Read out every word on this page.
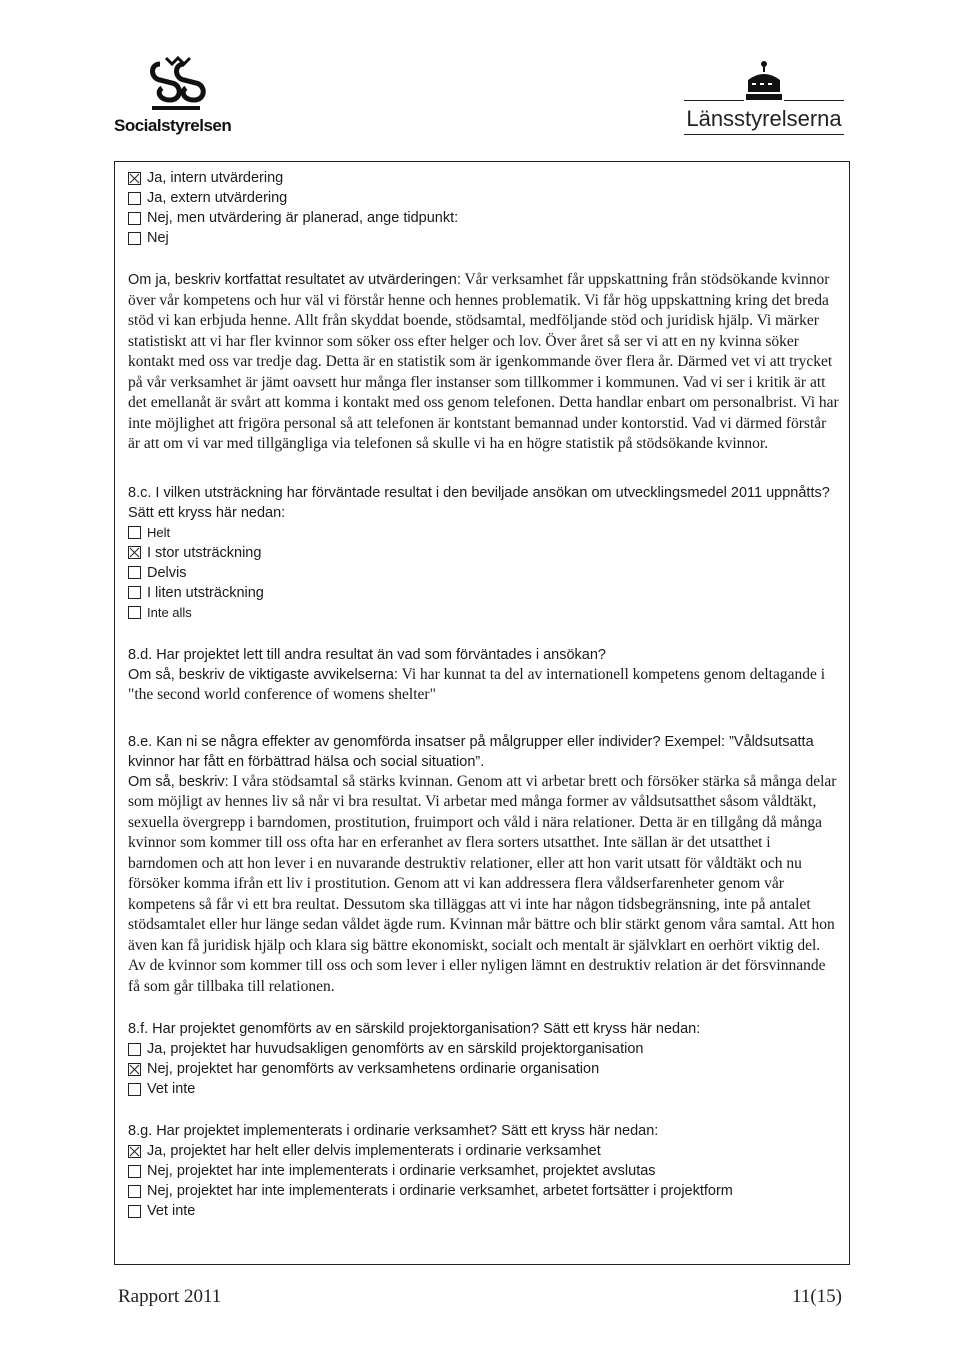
Socialstyrelsen	Länsstyrelserna
Ja, intern utvärdering
Ja, extern utvärdering
Nej, men utvärdering är planerad, ange tidpunkt:
Nej
Om ja, beskriv kortfattat resultatet av utvärderingen: Vår verksamhet får uppskattning från stödsökande kvinnor över vår kompetens och hur väl vi förstår henne och hennes problematik. Vi får hög uppskattning kring det breda stöd vi kan erbjuda henne. Allt från skyddat boende, stödsamtal, medföljande stöd och juridisk hjälp. Vi märker statistiskt att vi har fler kvinnor som söker oss efter helger och lov. Över året så ser vi att en ny kvinna söker kontakt med oss var tredje dag. Detta är en statistik som är igenkommande över flera år. Därmed vet vi att trycket på vår verksamhet är jämt oavsett hur många fler instanser som tillkommer i kommunen. Vad vi ser i kritik är att det emellanåt är svårt att komma i kontakt med oss genom telefonen. Detta handlar enbart om personalbrist. Vi har inte möjlighet att frigöra personal så att telefonen är kontstant bemannad under kontorstid. Vad vi därmed förstår är att om vi var med tillgängliga via telefonen så skulle vi ha en högre statistik på stödsökande kvinnor.
8.c. I vilken utsträckning har förväntade resultat i den beviljade ansökan om utvecklingsmedel 2011 uppnåtts? Sätt ett kryss här nedan:
Helt
I stor utsträckning
Delvis
I liten utsträckning
Inte alls
8.d. Har projektet lett till andra resultat än vad som förväntades i ansökan?
Om så, beskriv de viktigaste avvikelserna: Vi har kunnat ta del av internationell kompetens genom deltagande i "the second world conference of womens shelter"
8.e. Kan ni se några effekter av genomförda insatser på målgrupper eller individer? Exempel: ”Våldsutsatta kvinnor har fått en förbättrad hälsa och social situation”.
Om så, beskriv: I våra stödsamtal så stärks kvinnan. Genom att vi arbetar brett och försöker stärka så många delar som möjligt av hennes liv så når vi bra resultat. Vi arbetar med många former av våldsutsatthet såsom våldtäkt, sexuella övergrepp i barndomen, prostitution, fruimport och våld i nära relationer. Detta är en tillgång då många kvinnor som kommer till oss ofta har en erferanhet av flera sorters utsatthet. Inte sällan är det utsatthet i barndomen och att hon lever i en nuvarande destruktiv relationer, eller att hon varit utsatt för våldtäkt och nu försöker komma ifrån ett liv i prostitution. Genom att vi kan addressera flera våldserfarenheter genom vår kompetens så får vi ett bra reultat. Dessutom ska tilläggas att vi inte har någon tidsbegränsning, inte på antalet stödsamtalet eller hur länge sedan våldet ägde rum. Kvinnan mår bättre och blir stärkt genom våra samtal. Att hon även kan få juridisk hjälp och klara sig bättre ekonomiskt, socialt och mentalt är självklart en oerhört viktig del. Av de kvinnor som kommer till oss och som lever i eller nyligen lämnt en destruktiv relation är det försvinnande få som går tillbaka till relationen.
8.f. Har projektet genomförts av en särskild projektorganisation? Sätt ett kryss här nedan:
Ja, projektet har huvudsakligen genomförts av en särskild projektorganisation
Nej, projektet har genomförts av verksamhetens ordinarie organisation
Vet inte
8.g. Har projektet implementerats i ordinarie verksamhet? Sätt ett kryss här nedan:
Ja, projektet har helt eller delvis implementerats i ordinarie verksamhet
Nej, projektet har inte implementerats i ordinarie verksamhet, projektet avslutas
Nej, projektet har inte implementerats i ordinarie verksamhet, arbetet fortsätter i projektform
Vet inte
Rapport 2011	11(15)
